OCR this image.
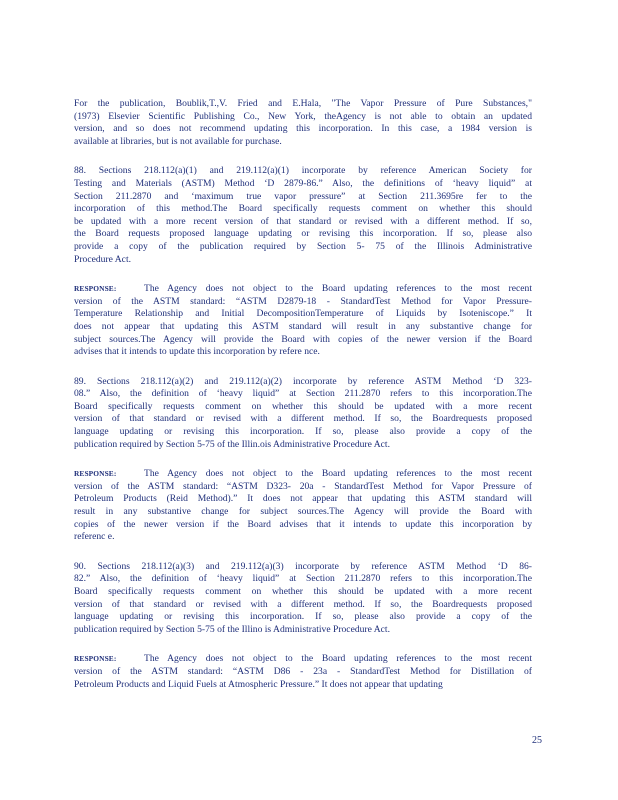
For the publication, Boublik,T.,V. Fried and E.Hala, "The Vapor Pressure of Pure Substances,"
(1973) Elsevier Scientific Publishing Co., New York, theAgency is not able to obtain an updated
version, and so does not recommend updating this incorporation. In this case, a 1984 version is
available at libraries, but is not available for purchase.
88. Sections 218.112(a)(1) and 219.112(a)(1) incorporate by reference American Society for
Testing and Materials (ASTM) Method ‘D 2879-86.” Also, the definitions of ‘heavy liquid” at
Section 211.2870 and ‘maximum true vapor pressure” at Section 211.3695re fer to the
incorporation of this method.The Board specifically requests comment on whether this should
be updated with a more recent version of that standard or revised with a different method. If so,
the Board requests proposed language updating or revising this incorporation. If so, please also
provide a copy of the publication required by Section 5- 75 of the Illinois Administrative
Procedure Act.
RESPONSE:	The Agency does not object to the Board updating references to the most recent
version of the ASTM standard: “ASTM D2879-18 - StandardTest Method for Vapor Pressure-
Temperature Relationship and Initial DecompositionTemperature of Liquids by Isoteniscope.” It
does not appear that updating this ASTM standard will result in any substantive change for
subject sources.The Agency will provide the Board with copies of the newer version if the Board
advises that it intends to update this incorporation by refere nce.
89. Sections 218.112(a)(2) and 219.112(a)(2) incorporate by reference ASTM Method ‘D 323-
08.” Also, the definition of ‘heavy liquid” at Section 211.2870 refers to this incorporation.The
Board specifically requests comment on whether this should be updated with a more recent
version of that standard or revised with a different method. If so, the Boardrequests proposed
language updating or revising this incorporation. If so, please also provide a copy of the
publication required by Section 5-75 of the Illin.ois Administrative Procedure Act.
RESPONSE:	The Agency does not object to the Board updating references to the most recent
version of the ASTM standard: “ASTM D323- 20a - StandardTest Method for Vapor Pressure of
Petroleum Products (Reid Method).” It does not appear that updating this ASTM standard will
result in any substantive change for subject sources.The Agency will provide the Board with
copies of the newer version if the Board advises that it intends to update this incorporation by
referenc e.
90. Sections 218.112(a)(3) and 219.112(a)(3) incorporate by reference ASTM Method ‘D 86-
82.” Also, the definition of ‘heavy liquid” at Section 211.2870 refers to this incorporation.The
Board specifically requests comment on whether this should be updated with a more recent
version of that standard or revised with a different method. If so, the Boardrequests proposed
language updating or revising this incorporation. If so, please also provide a copy of the
publication required by Section 5-75 of the Illino is Administrative Procedure Act.
RESPONSE:	The Agency does not object to the Board updating references to the most recent
version of the ASTM standard: “ASTM D86 - 23a - StandardTest Method for Distillation of
Petroleum Products and Liquid Fuels at Atmospheric Pressure.” It does not appear that updating
25
